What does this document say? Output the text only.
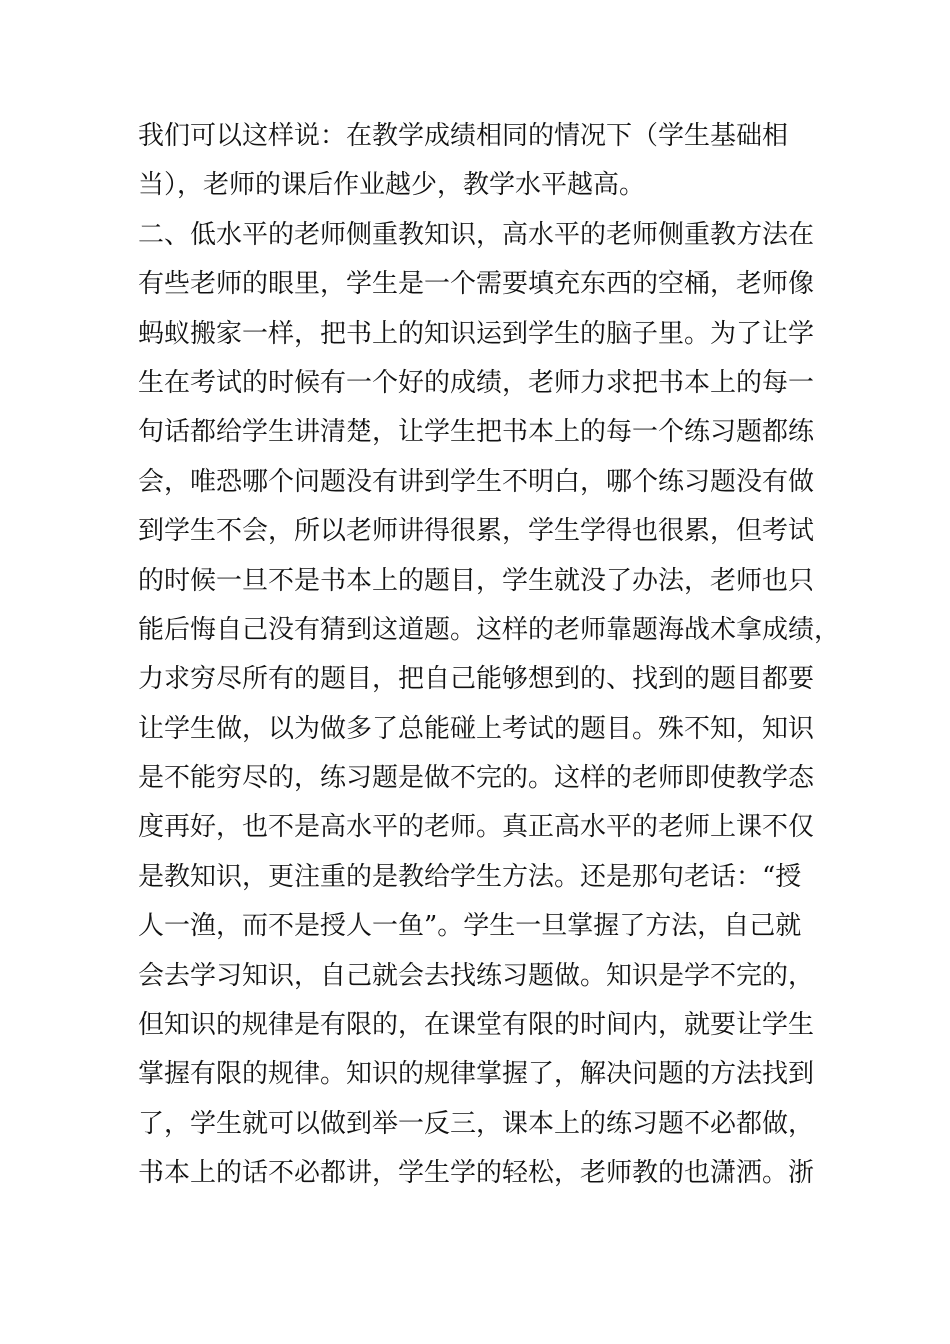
我们可以这样说：在教学成绩相同的情况下（学生基础相
当），老师的课后作业越少，教学水平越高。
二、低水平的老师侧重教知识，高水平的老师侧重教方法在
有些老师的眼里，学生是一个需要填充东西的空桶，老师像
蚂蚁搬家一样，把书上的知识运到学生的脑子里。为了让学
生在考试的时候有一个好的成绩，老师力求把书本上的每一
句话都给学生讲清楚，让学生把书本上的每一个练习题都练
会，唯恐哪个问题没有讲到学生不明白，哪个练习题没有做
到学生不会，所以老师讲得很累，学生学得也很累，但考试
的时候一旦不是书本上的题目，学生就没了办法，老师也只
能后悔自己没有猜到这道题。这样的老师靠题海战术拿成绩，
力求穷尽所有的题目，把自己能够想到的、找到的题目都要
让学生做，以为做多了总能碰上考试的题目。殊不知，知识
是不能穷尽的，练习题是做不完的。这样的老师即使教学态
度再好，也不是高水平的老师。真正高水平的老师上课不仅
是教知识，更注重的是教给学生方法。还是那句老话：“授
人一渔，而不是授人一鱼”。学生一旦掌握了方法，自己就
会去学习知识，自己就会去找练习题做。知识是学不完的，
但知识的规律是有限的，在课堂有限的时间内，就要让学生
掌握有限的规律。知识的规律掌握了，解决问题的方法找到
了，学生就可以做到举一反三，课本上的练习题不必都做，
书本上的话不必都讲，学生学的轻松，老师教的也潇洒。浙
